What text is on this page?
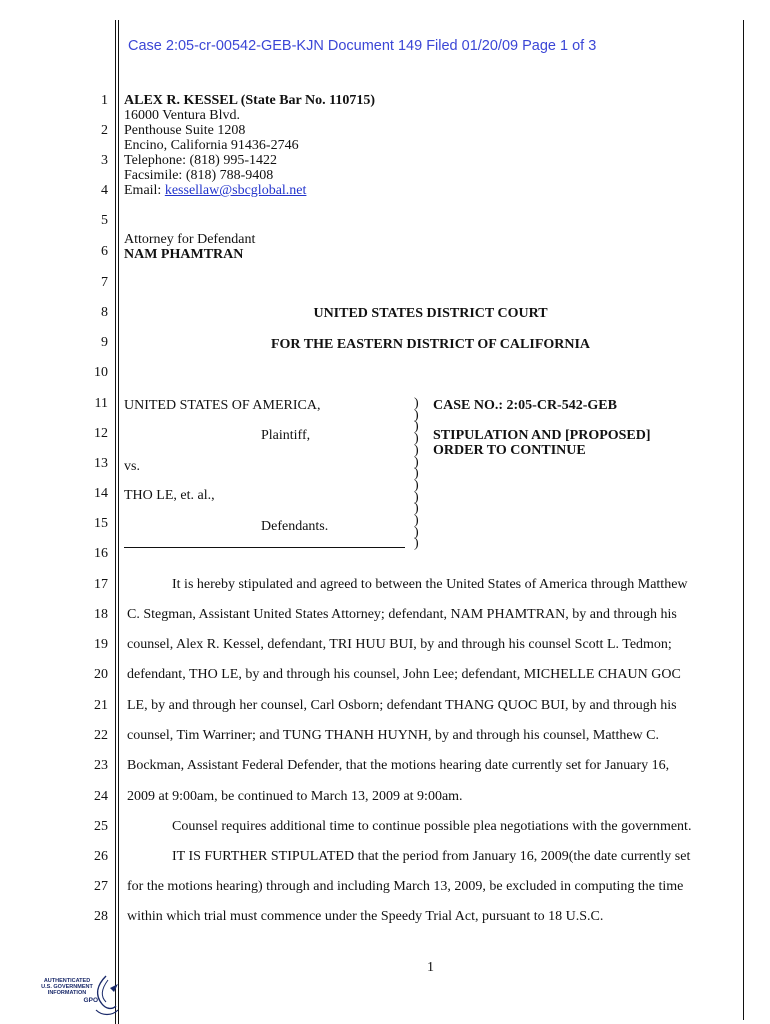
Case 2:05-cr-00542-GEB-KJN Document 149 Filed 01/20/09 Page 1 of 3
1
2
3
4
5
6
7
8
9
10
11
12
13
14
15
16
17
18
19
20
21
22
23
24
25
26
27
28
ALEX R. KESSEL (State Bar No. 110715)
16000 Ventura Blvd.
Penthouse Suite 1208
Encino, California 91436-2746
Telephone: (818) 995-1422
Facsimile: (818) 788-9408
Email: kessellaw@sbcglobal.net
Attorney for Defendant
NAM PHAMTRAN
UNITED STATES DISTRICT COURT
FOR THE EASTERN DISTRICT OF CALIFORNIA
UNITED STATES OF AMERICA,
Plaintiff,
vs.
THO LE, et. al.,
Defendants.
)
)
)
)
)
)
)
)
)
)
)
)
)
CASE NO.: 2:05-CR-542-GEB
STIPULATION AND [PROPOSED]
ORDER TO CONTINUE
It is hereby stipulated and agreed to between the United States of America through Matthew
C. Stegman, Assistant United States Attorney; defendant, NAM PHAMTRAN, by and through his
counsel, Alex R. Kessel, defendant, TRI HUU BUI, by and through his counsel Scott L. Tedmon;
defendant, THO LE, by and through his counsel, John Lee; defendant, MICHELLE CHAUN GOC
LE, by and through her counsel, Carl Osborn; defendant THANG QUOC BUI, by and through his
counsel, Tim Warriner; and TUNG THANH HUYNH, by and through his counsel, Matthew C.
Bockman, Assistant Federal Defender, that the motions hearing date currently set for January 16,
2009 at 9:00am, be continued to March 13, 2009 at 9:00am.
Counsel requires additional time to continue possible plea negotiations with the government.
IT IS FURTHER STIPULATED that the period from January 16, 2009(the date currently set
for the motions hearing) through and including March 13, 2009, be excluded in computing the time
within which trial must commence under the Speedy Trial Act, pursuant to 18 U.S.C.
1
AUTHENTICATED
U.S. GOVERNMENT
INFORMATION
GPO
